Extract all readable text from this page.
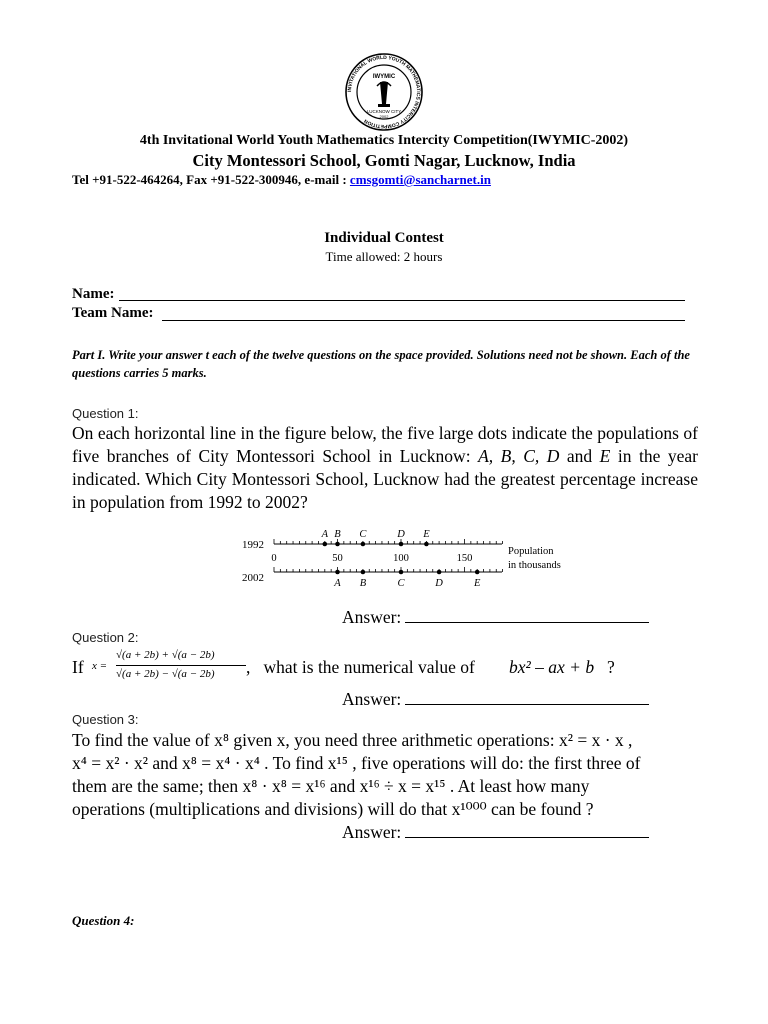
INVITATIONAL WORLD YOUTH MATHEMATICS INTERCITY COMPETITION
IWYMIC
LUCKNOW CITY
2002
4th Invitational World Youth Mathematics Intercity Competition(IWYMIC-2002)
City Montessori School, Gomti Nagar, Lucknow, India
Tel +91-522-464264, Fax +91-522-300946, e-mail : cmsgomti@sancharnet.in
Individual Contest
Time allowed: 2 hours
Name:
Team Name:
Part I. Write your answer t each of the twelve questions on the space provided. Solutions need not be shown. Each of the questions carries 5 marks.
Question 1:
On each horizontal line in the figure below, the five large dots indicate the populations of five branches of City Montessori School in Lucknow: A, B, C, D and E in the year indicated. Which City Montessori School, Lucknow had the greatest percentage increase in population from 1992 to 2002?
1992
2002
0	50	100	150
A B C	D E
A B	C	D	E
Population
in thousands
Answer:
Question 2:
If x =
√(a + 2b) + √(a − 2b)
√(a + 2b) − √(a − 2b) ,   what is the numerical value of bx² – ax + b ?
Answer:
Question 3:
To find the value of x⁸ given x, you need three arithmetic operations: x² = x · x ,
x⁴ = x² · x² and x⁸ = x⁴ · x⁴ . To find x¹⁵ , five operations will do: the first three of
them are the same; then x⁸ · x⁸ = x¹⁶ and x¹⁶ ÷ x = x¹⁵ . At least how many
operations (multiplications and divisions) will do that x¹⁰⁰⁰ can be found ?
Answer:
Question 4:
